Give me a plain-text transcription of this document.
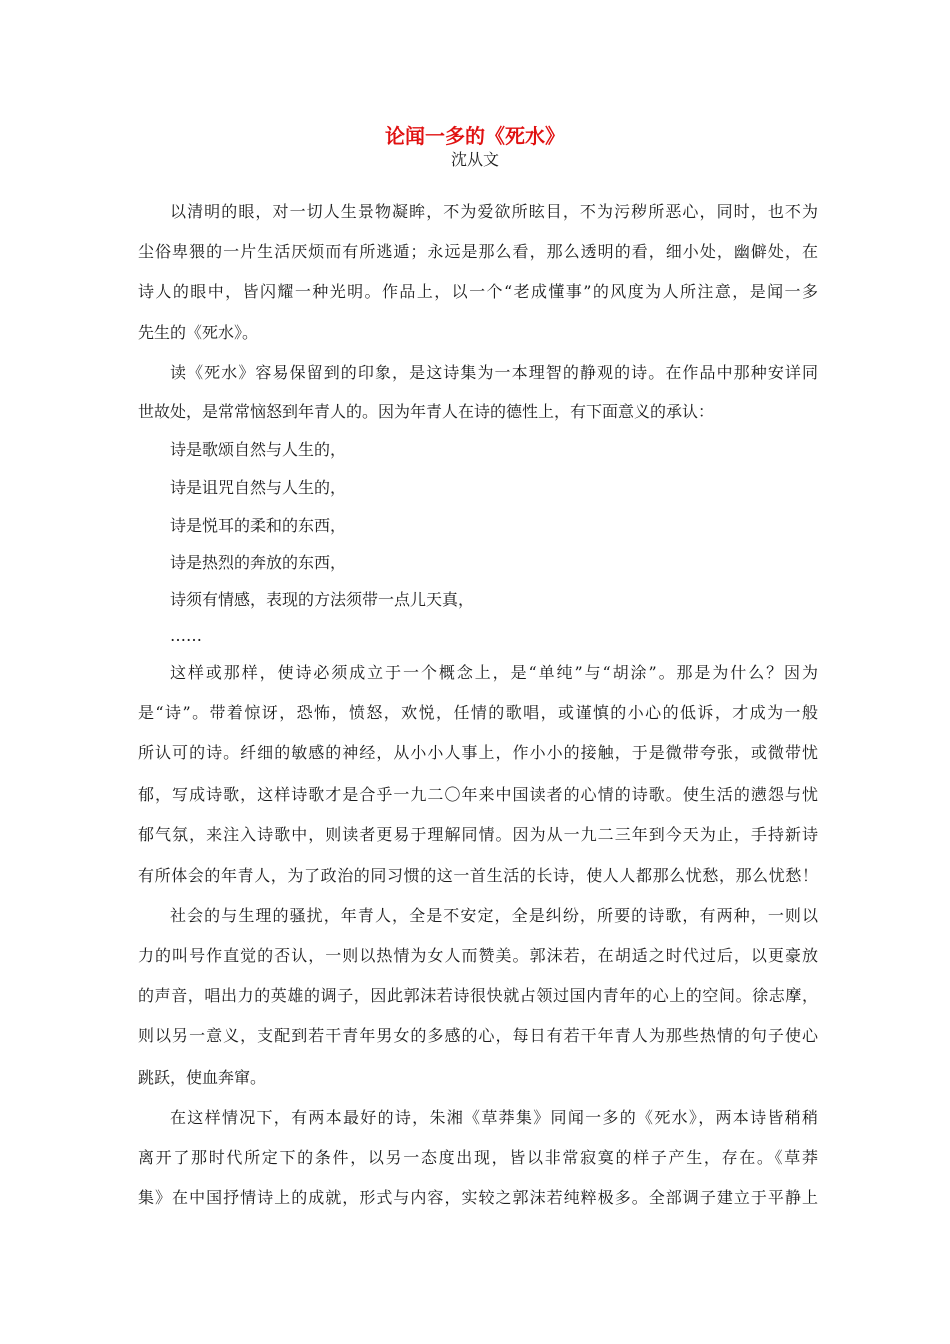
论闻一多的《死水》
沈从文
以清明的眼，对一切人生景物凝眸，不为爱欲所眩目，不为污秽所恶心，同时，也不为
尘俗卑猥的一片生活厌烦而有所逃遁；永远是那么看，那么透明的看，细小处，幽僻处，在
诗人的眼中，皆闪耀一种光明。作品上，以一个“老成懂事”的风度为人所注意，是闻一多
先生的《死水》。
读《死水》容易保留到的印象，是这诗集为一本理智的静观的诗。在作品中那种安详同
世故处，是常常恼怒到年青人的。因为年青人在诗的德性上，有下面意义的承认：
诗是歌颂自然与人生的，
诗是诅咒自然与人生的，
诗是悦耳的柔和的东西，
诗是热烈的奔放的东西，
诗须有情感，表现的方法须带一点儿天真，
……
这样或那样，使诗必须成立于一个概念上，是“单纯”与“胡涂”。那是为什么？因为
是“诗”。带着惊讶，恐怖，愤怒，欢悦，任情的歌唱，或谨慎的小心的低诉，才成为一般
所认可的诗。纤细的敏感的神经，从小小人事上，作小小的接触，于是微带夸张，或微带忧
郁，写成诗歌，这样诗歌才是合乎一九二〇年来中国读者的心情的诗歌。使生活的懑怨与忧
郁气氛，来注入诗歌中，则读者更易于理解同情。因为从一九二三年到今天为止，手持新诗
有所体会的年青人，为了政治的同习惯的这一首生活的长诗，使人人都那么忧愁，那么忧愁！
社会的与生理的骚扰，年青人，全是不安定，全是纠纷，所要的诗歌，有两种，一则以
力的叫号作直觉的否认，一则以热情为女人而赞美。郭沫若，在胡适之时代过后，以更豪放
的声音，唱出力的英雄的调子，因此郭沫若诗很快就占领过国内青年的心上的空间。徐志摩，
则以另一意义，支配到若干青年男女的多感的心，每日有若干年青人为那些热情的句子使心
跳跃，使血奔窜。
在这样情况下，有两本最好的诗，朱湘《草莽集》同闻一多的《死水》，两本诗皆稍稍
离开了那时代所定下的条件，以另一态度出现，皆以非常寂寞的样子产生，存在。《草莽
集》在中国抒情诗上的成就，形式与内容，实较之郭沫若纯粹极多。全部调子建立于平静上
